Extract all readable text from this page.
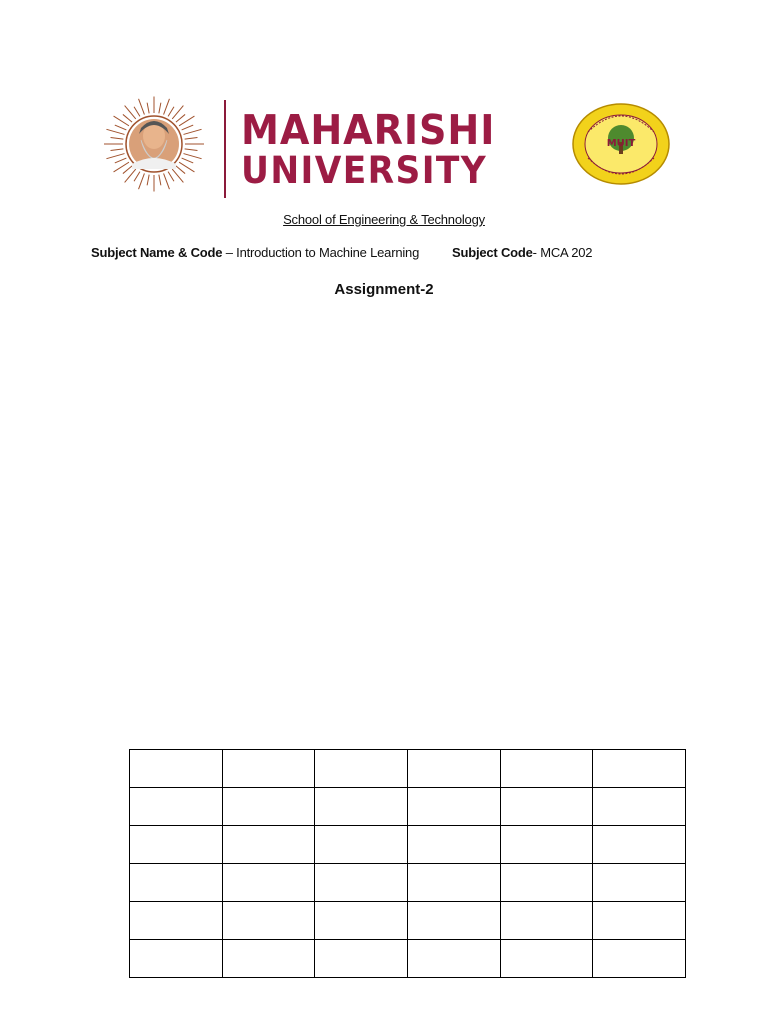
MAHARISHI
UNIVERSITY
MUIT
School of Engineering & Technology
Subject Name & Code – Introduction to Machine Learning	Subject Code- MCA 202
Assignment-2
